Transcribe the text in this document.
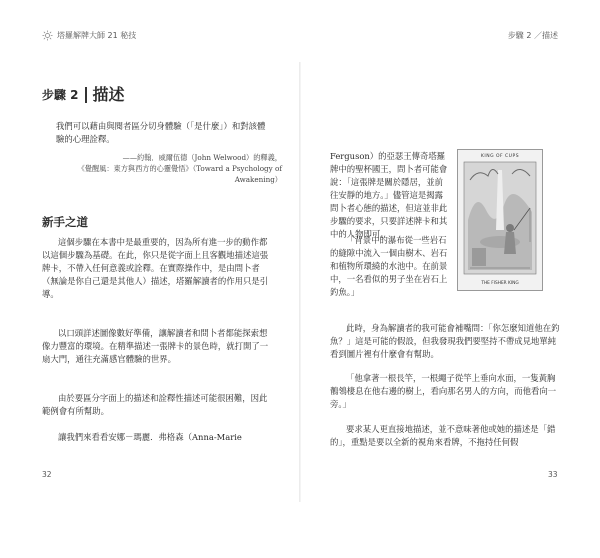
塔羅解牌大師 21 秘技	步驟 2 ／描述
步驟 2 描述
我們可以藉由與閱者區分切身體驗（「是什麼」）和對該體驗的心理詮釋。
——約翰．威爾伍德（John Welwood）的釋義，
《覺醒風：東方與西方的心靈覺悟》（Toward a Psychology of Awakening）
新手之道

這個步驟在本書中是最重要的，因為所有進一步的動作都以這個步驟為基礎。在此，你只是從字面上且客觀地描述這張牌卡，不帶入任何意義或詮釋。在實際操作中，是由問卜者（無論是你自己還是其他人）描述，塔羅解讀者的作用只是引導。

以口頭詳述圖像數好準備，讓解讀者和問卜者都能探索想像力豐富的環境。在精準描述一張牌卡的景色時，就打開了一扇大門，通往充滿感官體驗的世界。

由於要區分字面上的描述和詮釋性描述可能很困難，因此範例會有所幫助。

讓我們來看看安娜－瑪麗．弗格森（Anna-Marie

32

Ferguson）的亞瑟王傳奇塔羅牌中的聖杯國王，問卜者可能會說：「這張牌是關於隱居，並前往安靜的地方。」儘管這是揭露問卜者心態的描述，但這並非此步驟的要求，只要詳述牌卡和其中的人物即可。

「背景中的瀑布從一些岩石的縫隙中流入一個由樹木、岩石和植物所環繞的水池中。在前景中，一名看似的男子坐在岩石上釣魚。」

KING OF CUPS
THE FISHER KING

此時，身為解讀者的我可能會補嘴問：「你怎麼知道他在釣魚？」這是可能的假設，但我發現我們要堅持不帶成見地單純看到圖片裡有什麼會有幫助。

「他拿著一根長竿，一根繩子從竿上垂向水面，一隻黃胸鶺鴒棲息在他右邊的樹上，看向那名男人的方向，而他看向一旁。」

要求某人更直接地描述，並不意味著他或她的描述是「錯的」，重點是要以全新的視角來看牌，不拖持任何假

33
